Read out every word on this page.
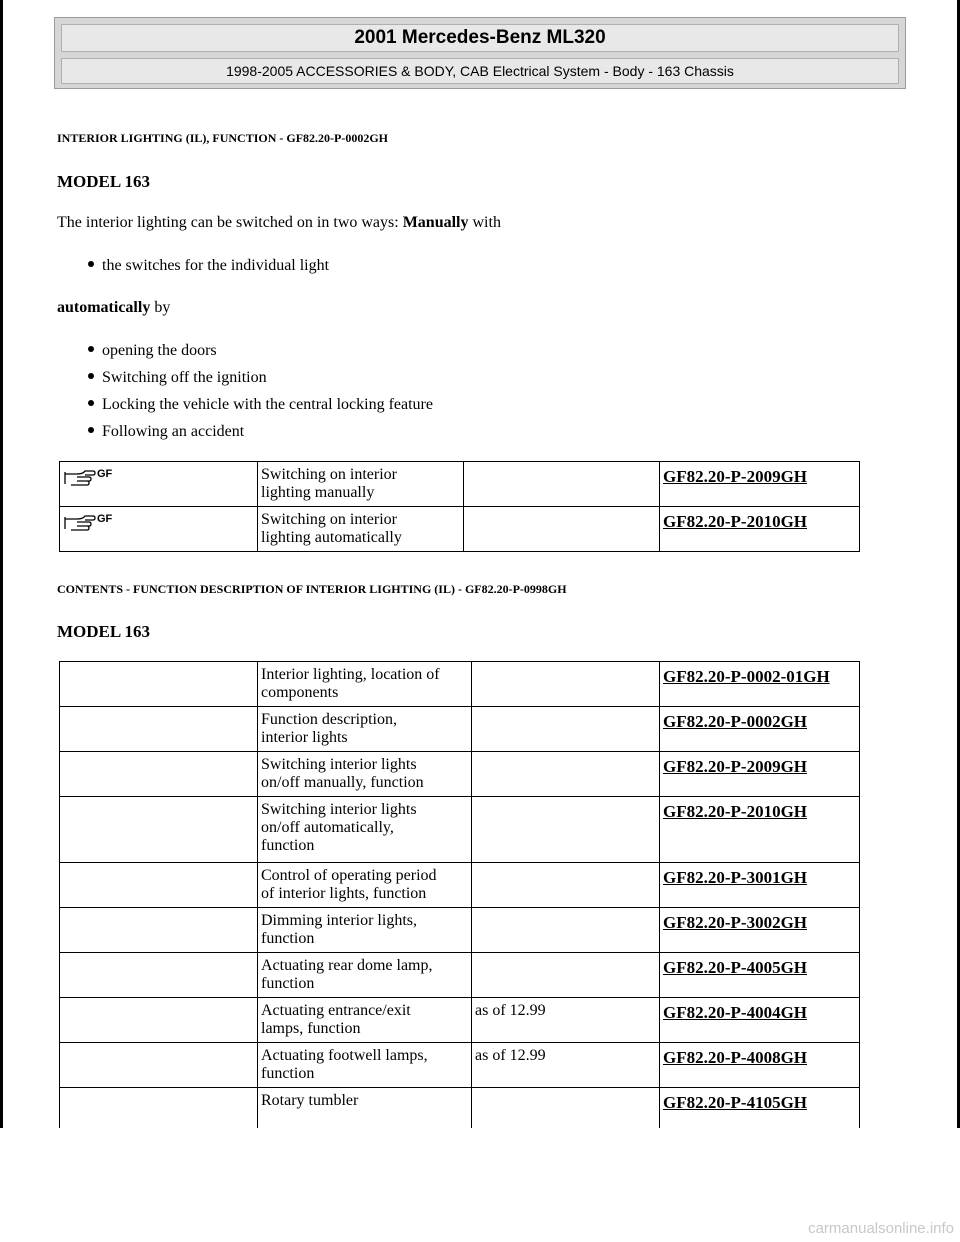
2001 Mercedes-Benz ML320
1998-2005 ACCESSORIES & BODY, CAB Electrical System - Body - 163 Chassis
INTERIOR LIGHTING (IL), FUNCTION - GF82.20-P-0002GH
MODEL 163
The interior lighting can be switched on in two ways: Manually with
the switches for the individual light
automatically by
opening the doors
Switching off the ignition
Locking the vehicle with the central locking feature
Following an accident
GF	Switching on interior
lighting manually		GF82.20-P-2009GH

GF	Switching on interior
lighting automatically		GF82.20-P-2010GH
CONTENTS - FUNCTION DESCRIPTION OF INTERIOR LIGHTING (IL) - GF82.20-P-0998GH
MODEL 163

	Interior lighting, location of
components		GF82.20-P-0002-01GH

	Function description,
interior lights		GF82.20-P-0002GH

	Switching interior lights
on/off manually, function		GF82.20-P-2009GH

	Switching interior lights
on/off automatically,
function		GF82.20-P-2010GH

	Control of operating period
of interior lights, function		GF82.20-P-3001GH

	Dimming interior lights,
function		GF82.20-P-3002GH

	Actuating rear dome lamp,
function		GF82.20-P-4005GH

	Actuating entrance/exit
lamps, function	as of 12.99	GF82.20-P-4004GH

	Actuating footwell lamps,
function	as of 12.99	GF82.20-P-4008GH

	Rotary tumbler		GF82.20-P-4105GH
carmanualsonline.info
